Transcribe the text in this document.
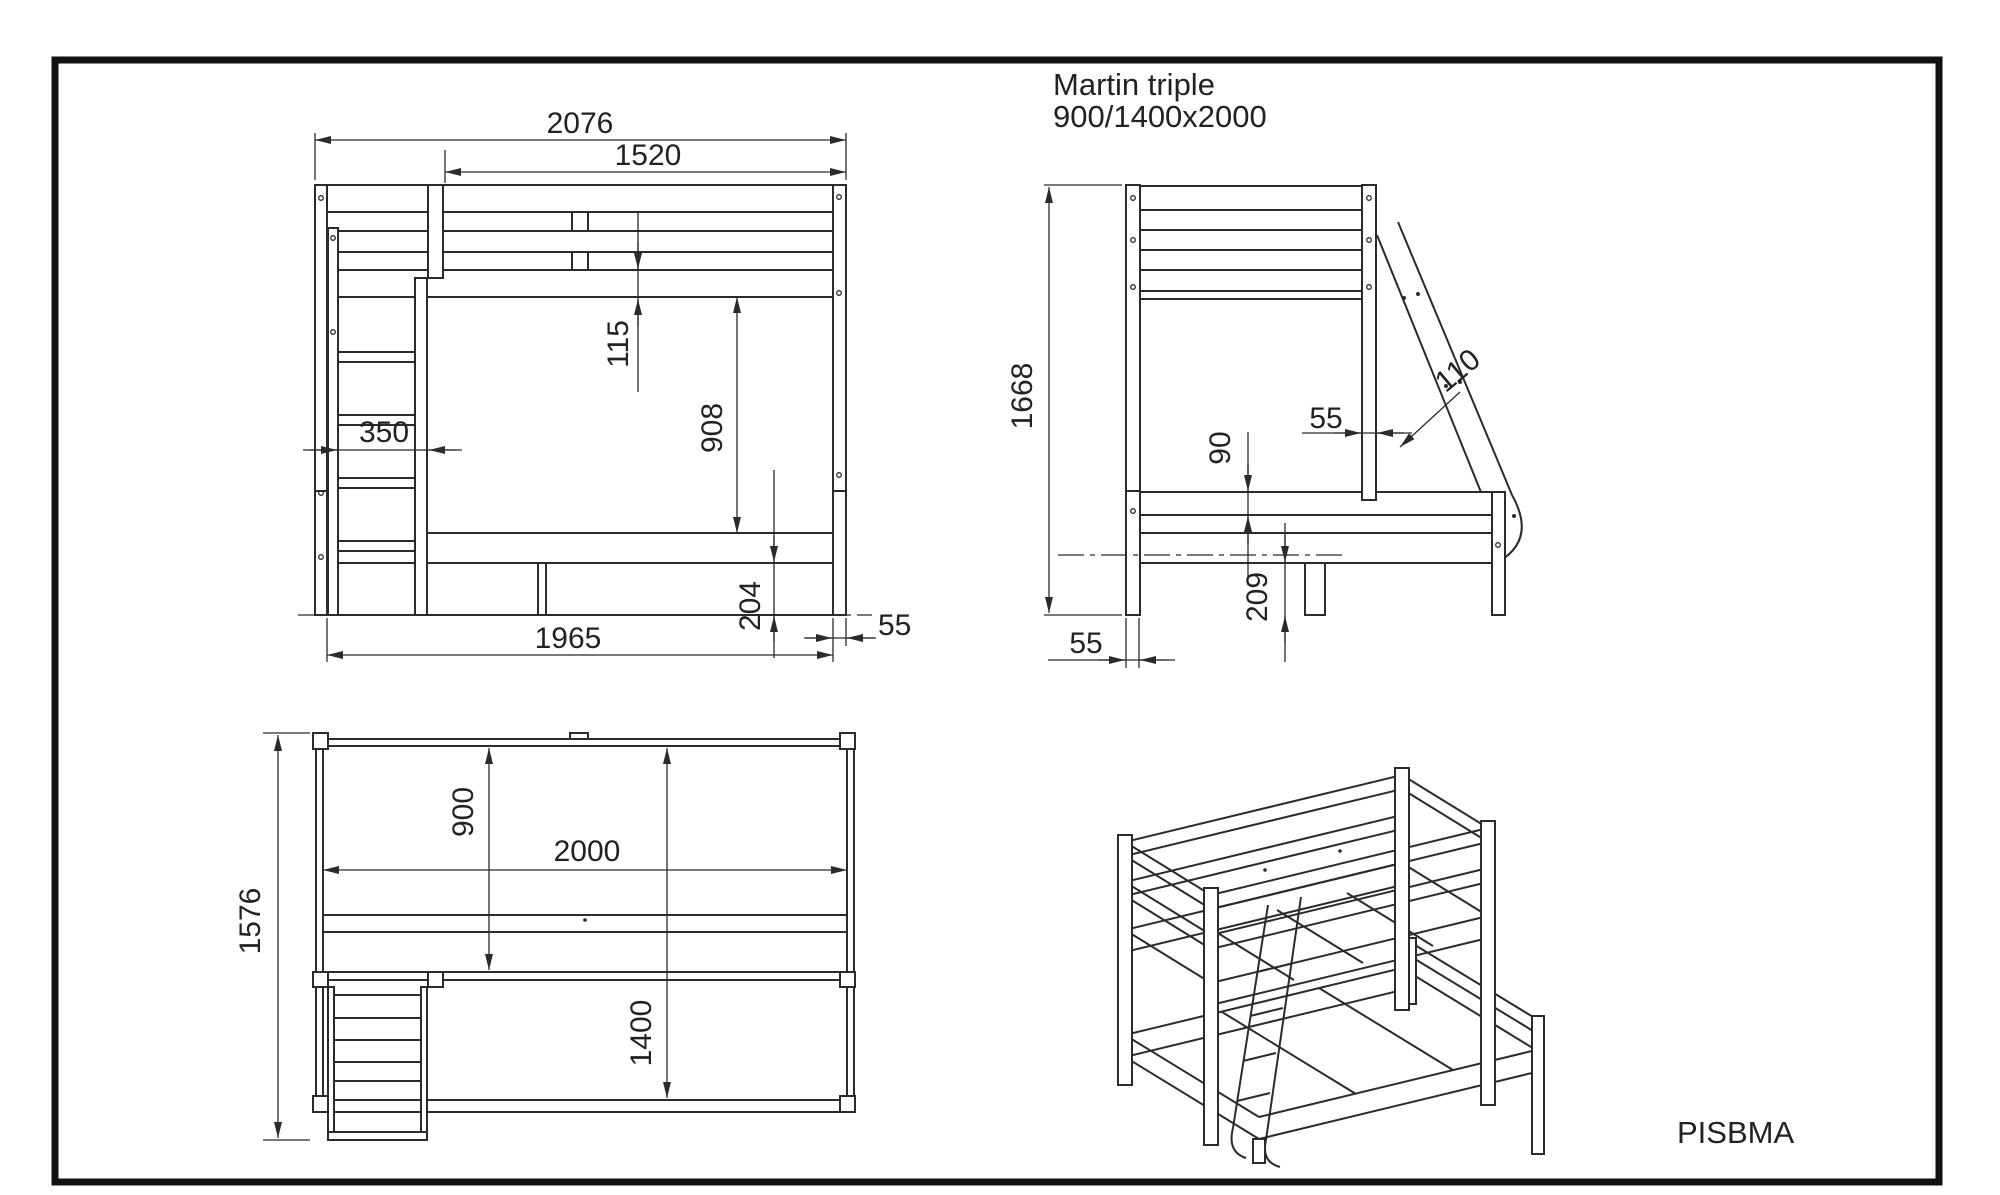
Martin triple
900/1400x2000
PISBMA
2076
1520
115
908
350
204
1965	55
1668	55
110
90
209
55
1576
900
2000
1400
